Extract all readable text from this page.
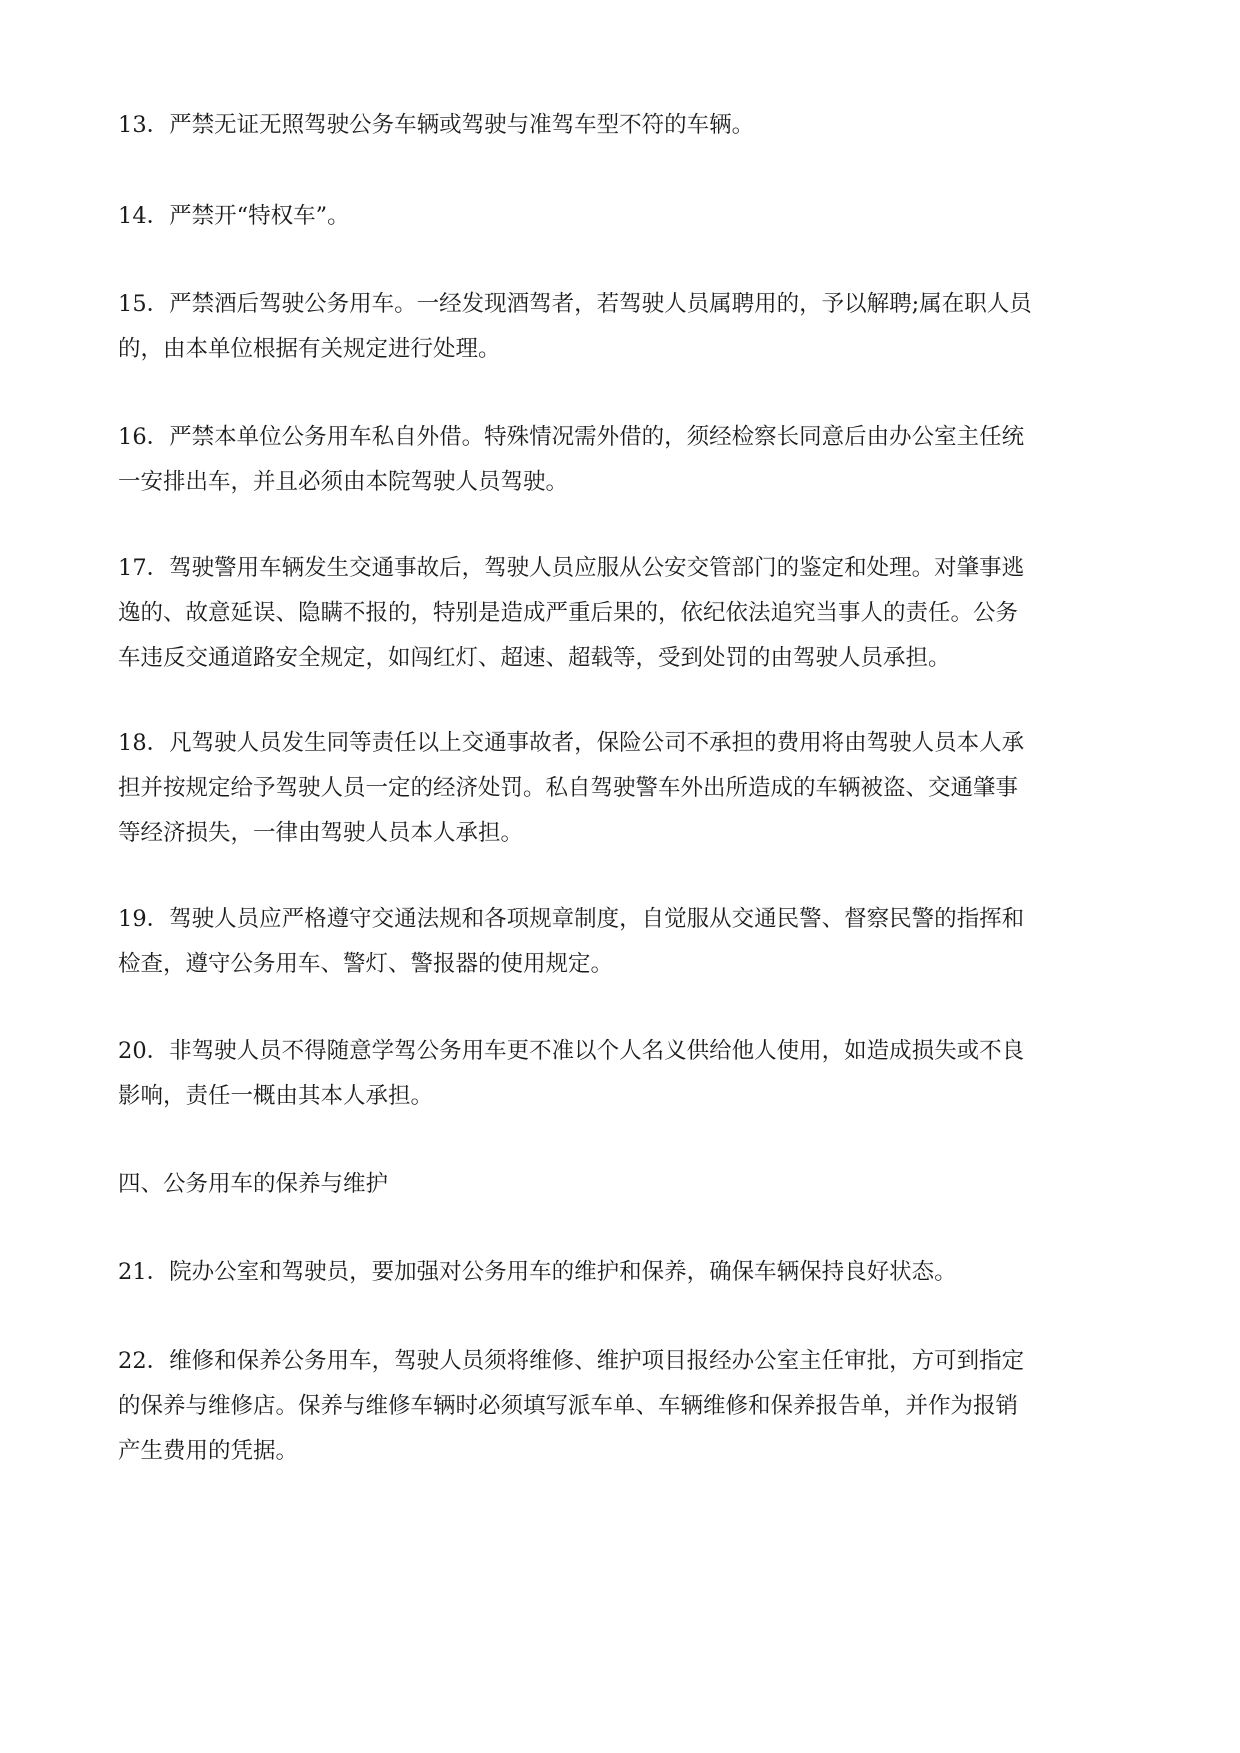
13．严禁无证无照驾驶公务车辆或驾驶与准驾车型不符的车辆。
14．严禁开“特权车”。
15．严禁酒后驾驶公务用车。一经发现酒驾者，若驾驶人员属聘用的，予以解聘;属在职人员
的，由本单位根据有关规定进行处理。
16．严禁本单位公务用车私自外借。特殊情况需外借的，须经检察长同意后由办公室主任统
一安排出车，并且必须由本院驾驶人员驾驶。
17．驾驶警用车辆发生交通事故后，驾驶人员应服从公安交管部门的鉴定和处理。对肇事逃
逸的、故意延误、隐瞒不报的，特别是造成严重后果的，依纪依法追究当事人的责任。公务
车违反交通道路安全规定，如闯红灯、超速、超载等，受到处罚的由驾驶人员承担。
18．凡驾驶人员发生同等责任以上交通事故者，保险公司不承担的费用将由驾驶人员本人承
担并按规定给予驾驶人员一定的经济处罚。私自驾驶警车外出所造成的车辆被盗、交通肇事
等经济损失，一律由驾驶人员本人承担。
19．驾驶人员应严格遵守交通法规和各项规章制度，自觉服从交通民警、督察民警的指挥和
检查，遵守公务用车、警灯、警报器的使用规定。
20．非驾驶人员不得随意学驾公务用车更不准以个人名义供给他人使用，如造成损失或不良
影响，责任一概由其本人承担。
四、公务用车的保养与维护
21．院办公室和驾驶员，要加强对公务用车的维护和保养，确保车辆保持良好状态。
22．维修和保养公务用车，驾驶人员须将维修、维护项目报经办公室主任审批，方可到指定
的保养与维修店。保养与维修车辆时必须填写派车单、车辆维修和保养报告单，并作为报销
产生费用的凭据。
